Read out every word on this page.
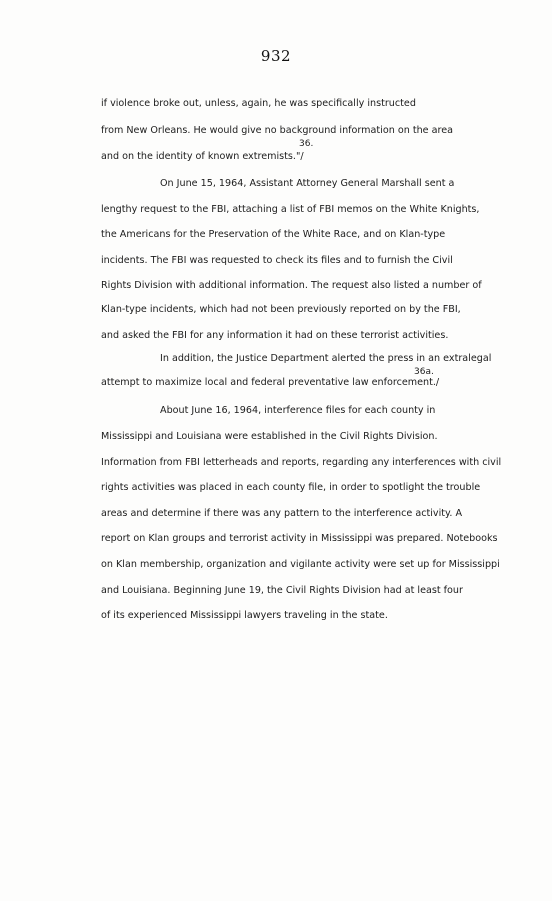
932
if violence broke out, unless, again, he was specifically instructed
from New Orleans. He would give no background information on the area
36.
and on the identity of known extremists."/
On June 15, 1964, Assistant Attorney General Marshall sent a
lengthy request to the FBI, attaching a list of FBI memos on the White Knights,
the Americans for the Preservation of the White Race, and on Klan-type
incidents. The FBI was requested to check its files and to furnish the Civil
Rights Division with additional information. The request also listed a number of
Klan-type incidents, which had not been previously reported on by the FBI,
and asked the FBI for any information it had on these terrorist activities.
In addition, the Justice Department alerted the press in an extralegal
36a.
attempt to maximize local and federal preventative law enforcement./
About June 16, 1964, interference files for each county in
Mississippi and Louisiana were established in the Civil Rights Division.
Information from FBI letterheads and reports, regarding any interferences with civil
rights activities was placed in each county file, in order to spotlight the trouble
areas and determine if there was any pattern to the interference activity. A
report on Klan groups and terrorist activity in Mississippi was prepared. Notebooks
on Klan membership, organization and vigilante activity were set up for Mississippi
and Louisiana. Beginning June 19, the Civil Rights Division had at least four
of its experienced Mississippi lawyers traveling in the state.
